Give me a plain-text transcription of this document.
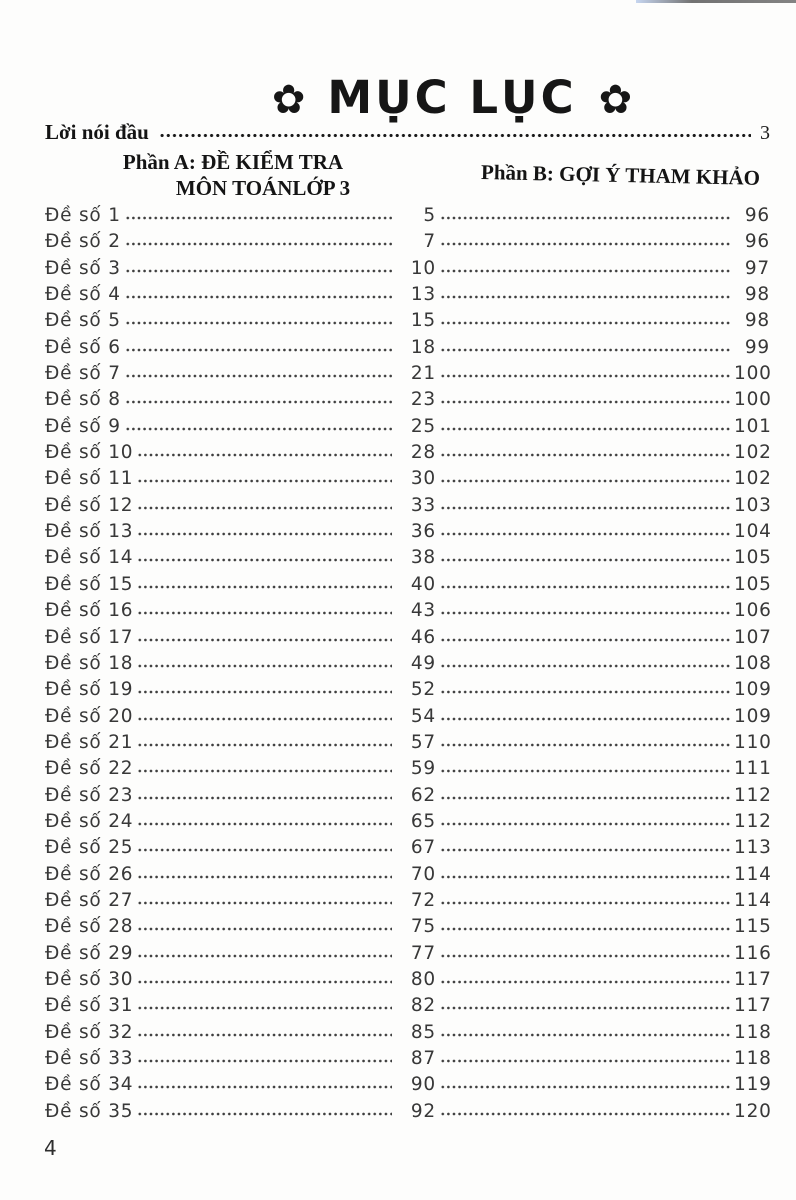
✿ MỤC LỤC ✿
Lời nói đầu	3
Phần A: ĐỀ KIỂM TRA
MÔN TOÁNLỚP 3	Phần B: GỢI Ý THAM KHẢO
Đề số 1	5	96
Đề số 2	7	96
Đề số 3	10	97
Đề số 4	13	98
Đề số 5	15	98
Đề số 6	18	99
Đề số 7	21	100
Đề số 8	23	100
Đề số 9	25	101
Đề số 10	28	102
Đề số 11	30	102
Đề số 12	33	103
Đề số 13	36	104
Đề số 14	38	105
Đề số 15	40	105
Đề số 16	43	106
Đề số 17	46	107
Đề số 18	49	108
Đề số 19	52	109
Đề số 20	54	109
Đề số 21	57	110
Đề số 22	59	111
Đề số 23	62	112
Đề số 24	65	112
Đề số 25	67	113
Đề số 26	70	114
Đề số 27	72	114
Đề số 28	75	115
Đề số 29	77	116
Đề số 30	80	117
Đề số 31	82	117
Đề số 32	85	118
Đề số 33	87	118
Đề số 34	90	119
Đề số 35	92	120
4
